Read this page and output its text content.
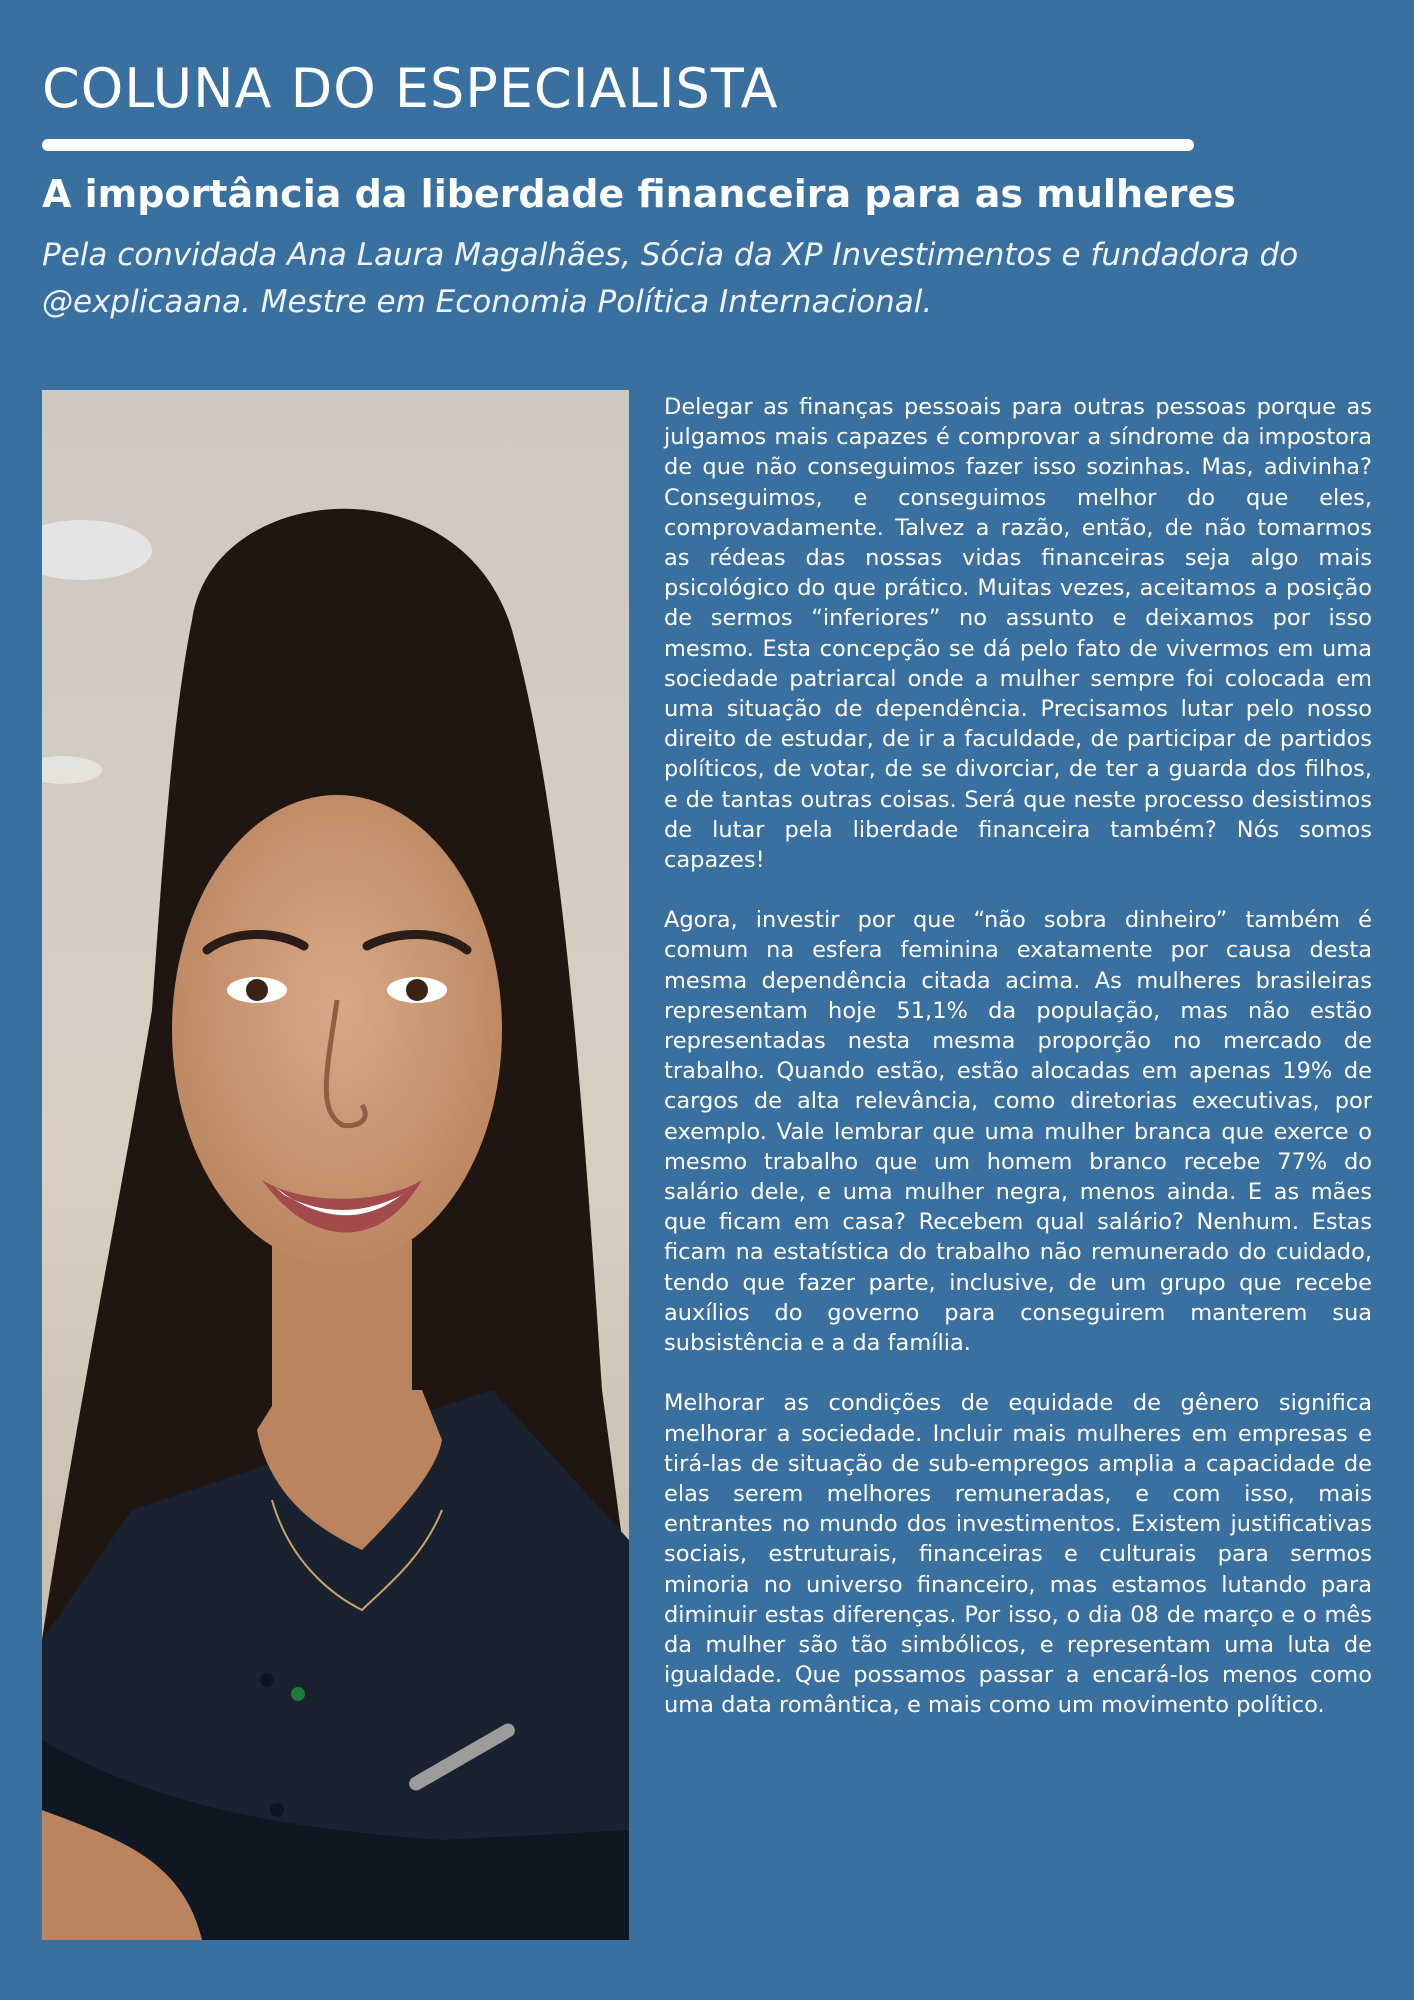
COLUNA DO ESPECIALISTA
A importância da liberdade financeira para as mulheres

Pela convidada Ana Laura Magalhães, Sócia da XP Investimentos e fundadora do @explicaana. Mestre em Economia Política Internacional.

Delegar as finanças pessoais para outras pessoas porque as julgamos mais capazes é comprovar a síndrome da impostora de que não conseguimos fazer isso sozinhas. Mas, adivinha? Conseguimos, e conseguimos melhor do que eles, comprovadamente. Talvez a razão, então, de não tomarmos as rédeas das nossas vidas financeiras seja algo mais psicológico do que prático. Muitas vezes, aceitamos a posição de sermos “inferiores” no assunto e deixamos por isso mesmo. Esta concepção se dá pelo fato de vivermos em uma sociedade patriarcal onde a mulher sempre foi colocada em uma situação de dependência. Precisamos lutar pelo nosso direito de estudar, de ir a faculdade, de participar de partidos políticos, de votar, de se divorciar, de ter a guarda dos filhos, e de tantas outras coisas. Será que neste processo desistimos de lutar pela liberdade financeira também? Nós somos capazes!

Agora, investir por que “não sobra dinheiro” também é comum na esfera feminina exatamente por causa desta mesma dependência citada acima. As mulheres brasileiras representam hoje 51,1% da população, mas não estão representadas nesta mesma proporção no mercado de trabalho. Quando estão, estão alocadas em apenas 19% de cargos de alta relevância, como diretorias executivas, por exemplo. Vale lembrar que uma mulher branca que exerce o mesmo trabalho que um homem branco recebe 77% do salário dele, e uma mulher negra, menos ainda. E as mães que ficam em casa? Recebem qual salário? Nenhum. Estas ficam na estatística do trabalho não remunerado do cuidado, tendo que fazer parte, inclusive, de um grupo que recebe auxílios do governo para conseguirem manterem sua subsistência e a da família.

Melhorar as condições de equidade de gênero significa melhorar a sociedade. Incluir mais mulheres em empresas e tirá-las de situação de sub-empregos amplia a capacidade de elas serem melhores remuneradas, e com isso, mais entrantes no mundo dos investimentos. Existem justificativas sociais, estruturais, financeiras e culturais para sermos minoria no universo financeiro, mas estamos lutando para diminuir estas diferenças. Por isso, o dia 08 de março e o mês da mulher são tão simbólicos, e representam uma luta de igualdade. Que possamos passar a encará-los menos como uma data romântica, e mais como um movimento político.
